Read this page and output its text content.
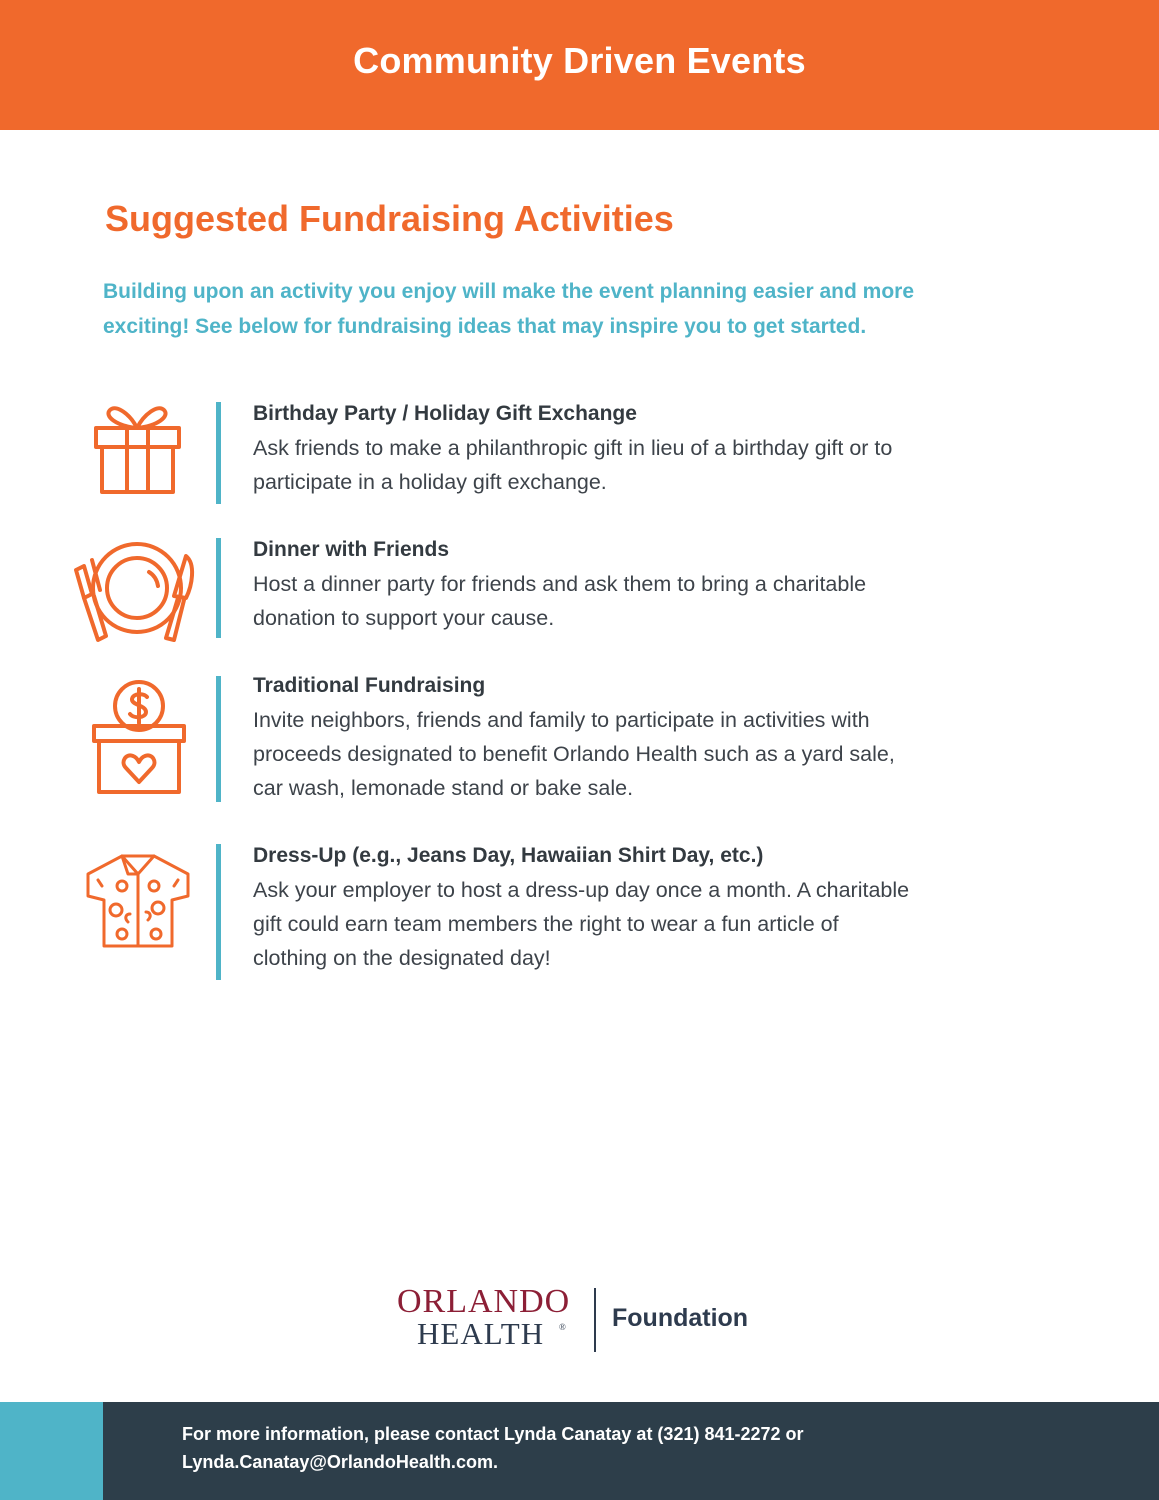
Community Driven Events
Suggested Fundraising Activities

Building upon an activity you enjoy will make the event planning easier and more
exciting! See below for fundraising ideas that may inspire you to get started.

Birthday Party / Holiday Gift Exchange
Ask friends to make a philanthropic gift in lieu of a birthday gift or to
participate in a holiday gift exchange.
Dinner with Friends
Host a dinner party for friends and ask them to bring a charitable
donation to support your cause.
Traditional Fundraising
Invite neighbors, friends and family to participate in activities with
proceeds designated to benefit Orlando Health such as a yard sale,
car wash, lemonade stand or bake sale.
Dress-Up (e.g., Jeans Day, Hawaiian Shirt Day, etc.)
Ask your employer to host a dress-up day once a month. A charitable
gift could earn team members the right to wear a fun article of
clothing on the designated day!
ORLANDO
HEALTH ® Foundation

For more information, please contact Lynda Canatay at (321) 841-2272 or
Lynda.Canatay@OrlandoHealth.com.
